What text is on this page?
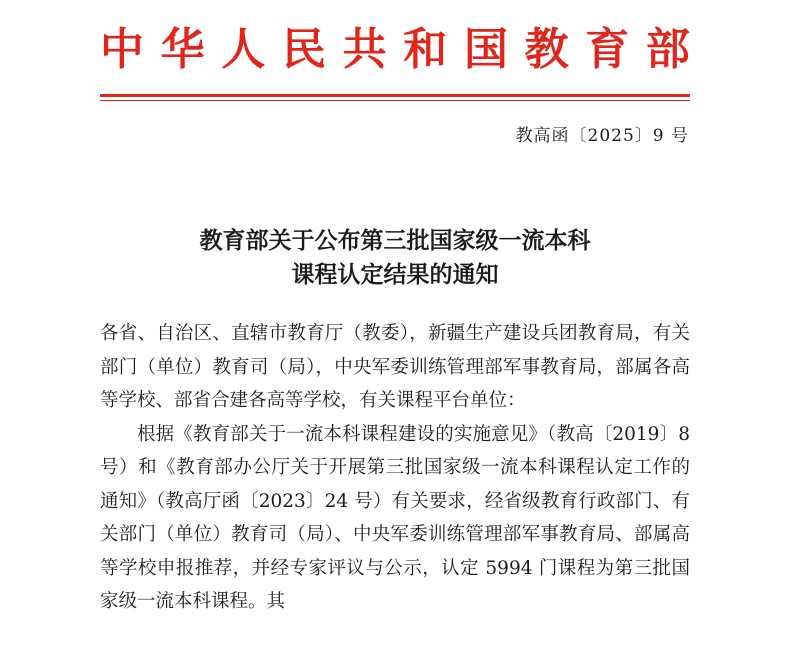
中 华 人 民 共 和 国 教 育 部
教高函〔2025〕9 号
教育部关于公布第三批国家级一流本科
课程认定结果的通知

各省、自治区、直辖市教育厅（教委），新疆生产建设兵团教育局，有关部门（单位）教育司（局），中央军委训练管理部军事教育局，部属各高等学校、部省合建各高等学校，有关课程平台单位：

根据《教育部关于一流本科课程建设的实施意见》（教高〔2019〕8 号）和《教育部办公厅关于开展第三批国家级一流本科课程认定工作的通知》（教高厅函〔2023〕24 号）有关要求，经省级教育行政部门、有关部门（单位）教育司（局）、中央军委训练管理部军事教育局、部属高等学校申报推荐，并经专家评议与公示，认定 5994 门课程为第三批国家级一流本科课程。其
